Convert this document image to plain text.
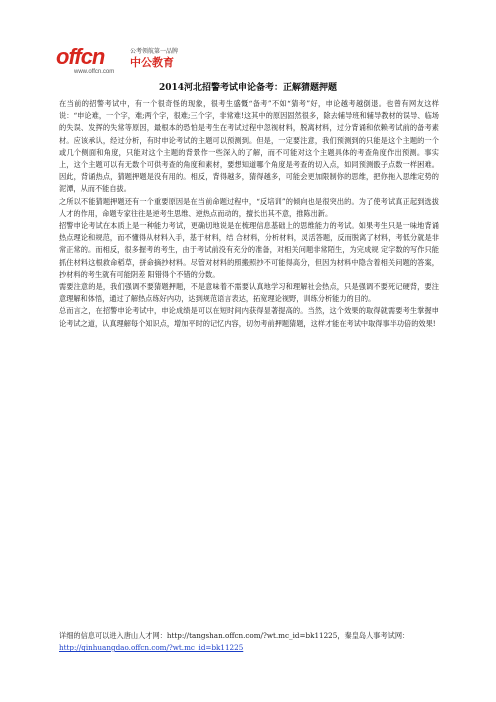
offcn	公考领航第一品牌
中公教育
www.offcn.com
2014河北招警考试申论备考：正解猜题押题

在当前的招警考试中，有一个很奇怪的现象，很考生盛慨“备考”不如“猜考”好，申论越考越倒退。也曾有网友这样说：“申论难，一个字，难;两个字，很难;三个字，非常难!这其中的原因固然很多，除去辅导班和辅导教材的误导、临场的失误、发挥的失常等原因，最根本的恐怕是考生在考试过程中忽视材料，脱离材料，过分背诵和依赖考试前的备考素材。应该承认，经过分析，有时申论考试的主题可以预测到。但是，一定要注意，我们预测到的只能是这个主题的一个或几个侧面和角度，只能对这个主题的背景作一些深入的了解，而不可能对这个主题具体的考查角度作出预测。事实上，这个主题可以有无数个可供考查的角度和素材，要想知道哪个角度是考查的切入点，如同预测骰子点数一样困难。因此，背诵热点，猜题押题是没有用的。相反，背得越多，猜得越多，可能会更加限制你的思维，把你拖入思维定势的泥潭，从而不能自拔。

之所以不能猜题押题还有一个重要原因是在当前命题过程中，“反培训”的倾向也是很突出的。为了使考试真正起到选拔人才的作用，命题专家往往是逆考生思维、逆热点而动的，擅长出其不意，推陈出新。

招警申论考试在本质上是一种能力考试，更确切地说是在梳理信息基础上的思维能力的考试。如果考生只是一味地背诵热点理论和规范，而不懂得从材料入手，基于材料，结 合材料，分析材料，灵活答题，反而脱离了材料，考低分就是非常正常的。而相反，很多握考的考生，由于考试前没有充分的准备，对相关问题非常陌生，为完成规 定字数的写作只能抓住材料这根救命稻草，拼命摘抄材料。尽管对材料的照搬照抄不可能得高分，但因为材料中隐含着相关问题的答案，抄材料的考生就有可能阴差 阳错得个不错的分数。

需要注意的是，我们强调不要猜题押题，不是意味着不需要认真地学习和理解社会热点，只是强调不要死记硬背，要注意理解和体悟，通过了解热点练好内功，达到规范语言表达，拓宽理论视野，训练分析能力的目的。

总而言之，在招警申论考试中，申论成绩是可以在短时间内获得显著提高的。当然，这个效果的取得就需要考生掌握申论考试之道，认真理解每个知识点，增加平时的记忆内容，切勿考前押题猜题，这样才能在考试中取得事半功倍的效果!

详细的信息可以进入唐山人才网：http://tangshan.offcn.com/?wt.mc_id=bk11225，秦皇岛人事考试网：http://qinhuangdao.offcn.com/?wt.mc_id=bk11225
